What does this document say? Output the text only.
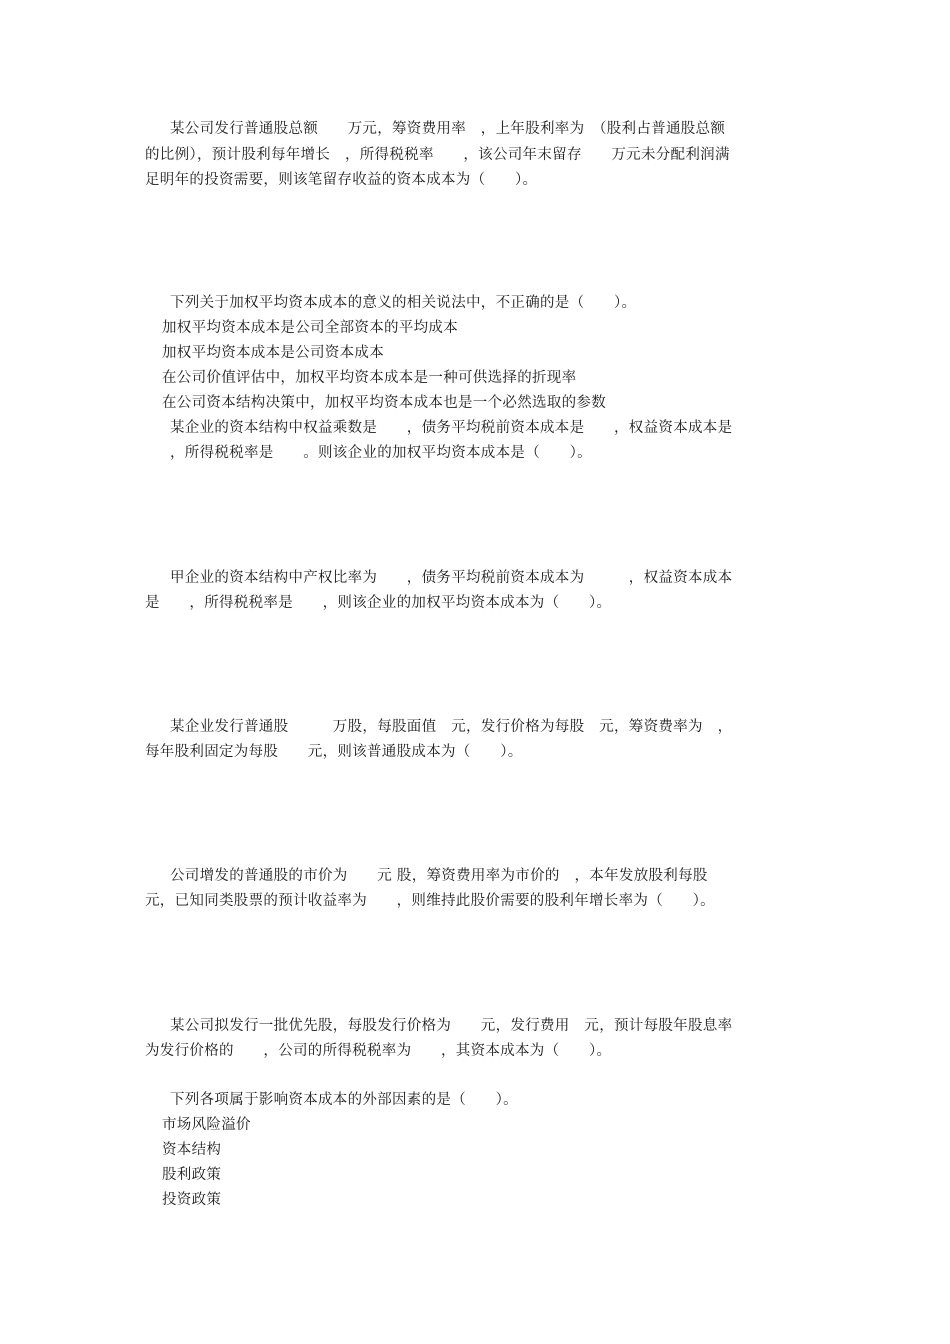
某公司发行普通股总额　　万元，筹资费用率　，上年股利率为　（股利占普通股总额
的比例），预计股利每年增长　，所得税税率　　，该公司年末留存　　万元未分配利润满
足明年的投资需要，则该笔留存收益的资本成本为（　　）。
下列关于加权平均资本成本的意义的相关说法中，不正确的是（　　）。
加权平均资本成本是公司全部资本的平均成本
加权平均资本成本是公司资本成本
在公司价值评估中，加权平均资本成本是一种可供选择的折现率
在公司资本结构决策中，加权平均资本成本也是一个必然选取的参数
某企业的资本结构中权益乘数是　　，债务平均税前资本成本是　　，权益资本成本是
，所得税税率是　　。则该企业的加权平均资本成本是（　　）。
甲企业的资本结构中产权比率为　　，债务平均税前资本成本为　　　，权益资本成本
是　　，所得税税率是　　，则该企业的加权平均资本成本为（　　）。
某企业发行普通股　　　万股，每股面值　元，发行价格为每股　元，筹资费率为　，
每年股利固定为每股　　元，则该普通股成本为（　　）。
公司增发的普通股的市价为　　元 股，筹资费用率为市价的　，本年发放股利每股
元，已知同类股票的预计收益率为　　，则维持此股价需要的股利年增长率为（　　）。
某公司拟发行一批优先股，每股发行价格为　　元，发行费用　元，预计每股年股息率
为发行价格的　　，公司的所得税税率为　　，其资本成本为（　　）。
下列各项属于影响资本成本的外部因素的是（　　）。
市场风险溢价
资本结构
股利政策
投资政策
